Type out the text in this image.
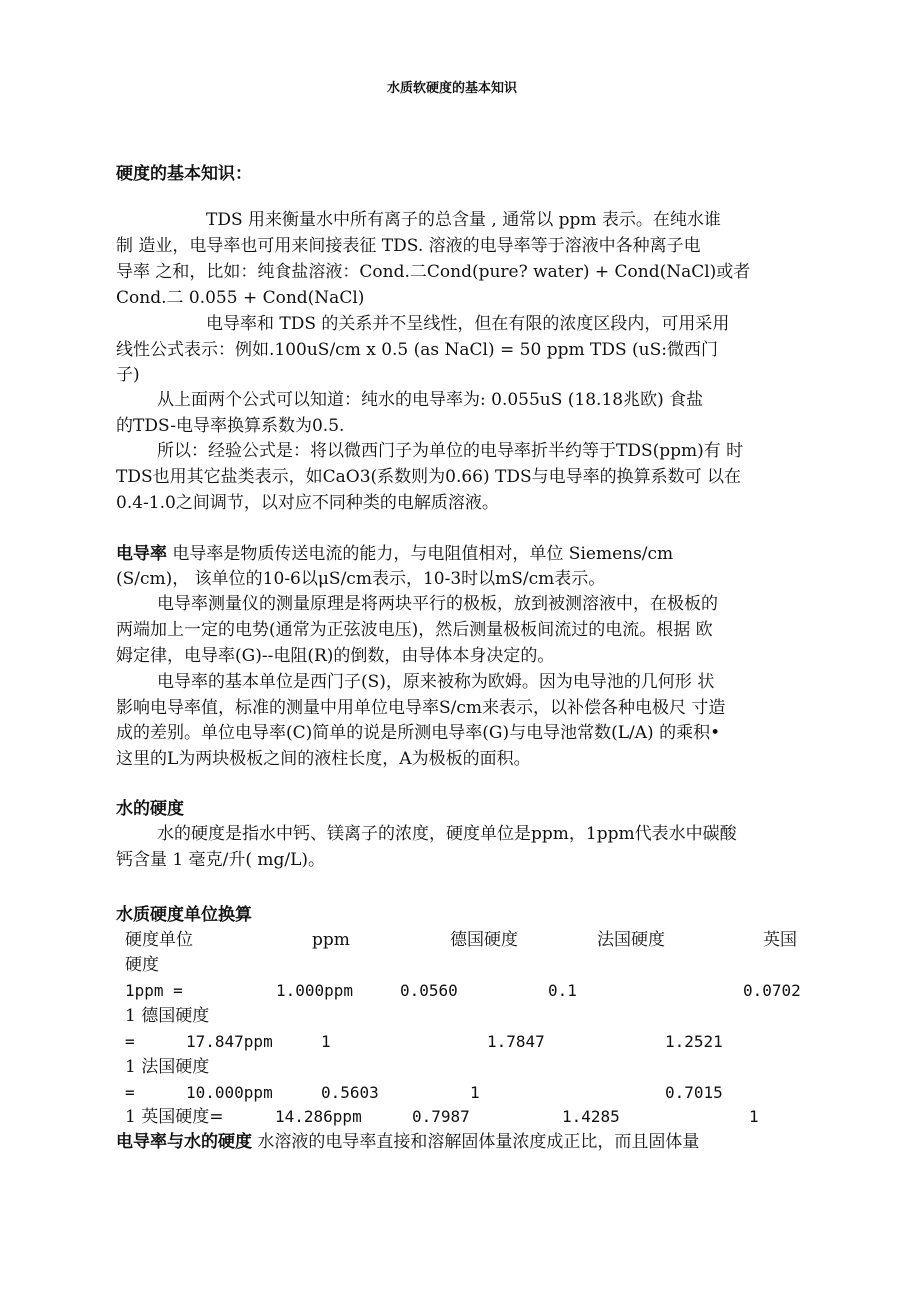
水质软硬度的基本知识
硬度的基本知识：
TDS 用来衡量水中所有离子的总含量 , 通常以 ppm 表示。在纯水谁
制 造业，电导率也可用来间接表征 TDS. 溶液的电导率等于溶液中各种离子电
导率 之和，比如：纯食盐溶液：Cond.二Cond(pure? water) + Cond(NaCl)或者
Cond.二 0.055 + Cond(NaCl)
电导率和 TDS 的关系并不呈线性，但在有限的浓度区段内，可用采用
线性公式表示：例如.100uS/cm x 0.5 (as NaCl) = 50 ppm TDS (uS:微西门
子)
从上面两个公式可以知道：纯水的电导率为: 0.055uS (18.18兆欧) 食盐
的TDS-电导率换算系数为0.5.
所以：经验公式是：将以微西门子为单位的电导率折半约等于TDS(ppm)有 时
TDS也用其它盐类表示，如CaO3(系数则为0.66) TDS与电导率的换算系数可 以在
0.4-1.0之间调节，以对应不同种类的电解质溶液。
电导率 电导率是物质传送电流的能力，与电阻值相对，单位 Siemens/cm
(S/cm)， 该单位的10-6以μS/cm表示，10-3时以mS/cm表示。
电导率测量仪的测量原理是将两块平行的极板，放到被测溶液中，在极板的
两端加上一定的电势(通常为正弦波电压)，然后测量极板间流过的电流。根据 欧
姆定律，电导率(G)--电阻(R)的倒数，由导体本身决定的。
电导率的基本单位是西门子(S)，原来被称为欧姆。因为电导池的几何形 状
影响电导率值，标准的测量中用单位电导率S/cm来表示，以补偿各种电极尺 寸造
成的差别。单位电导率(C)简单的说是所测电导率(G)与电导池常数(L/A) 的乘积•
这里的L为两块极板之间的液柱长度，A为极板的面积。
水的硬度
水的硬度是指水中钙、镁离子的浓度，硬度单位是ppm，1ppm代表水中碳酸
钙含量 1 毫克/升( mg/L)。
水质硬度单位换算
硬度单位	ppm	德国硬度	法国硬度	英国
硬度
1ppm =	1.000ppm	0.0560	0.1	0.0702
1 德国硬度
=	17.847ppm	1	1.7847	1.2521
1 法国硬度
=	10.000ppm	0.5603	1	0.7015
1 英国硬度=	14.286ppm	0.7987	1.4285	1
电导率与水的硬度 水溶液的电导率直接和溶解固体量浓度成正比，而且固体量
